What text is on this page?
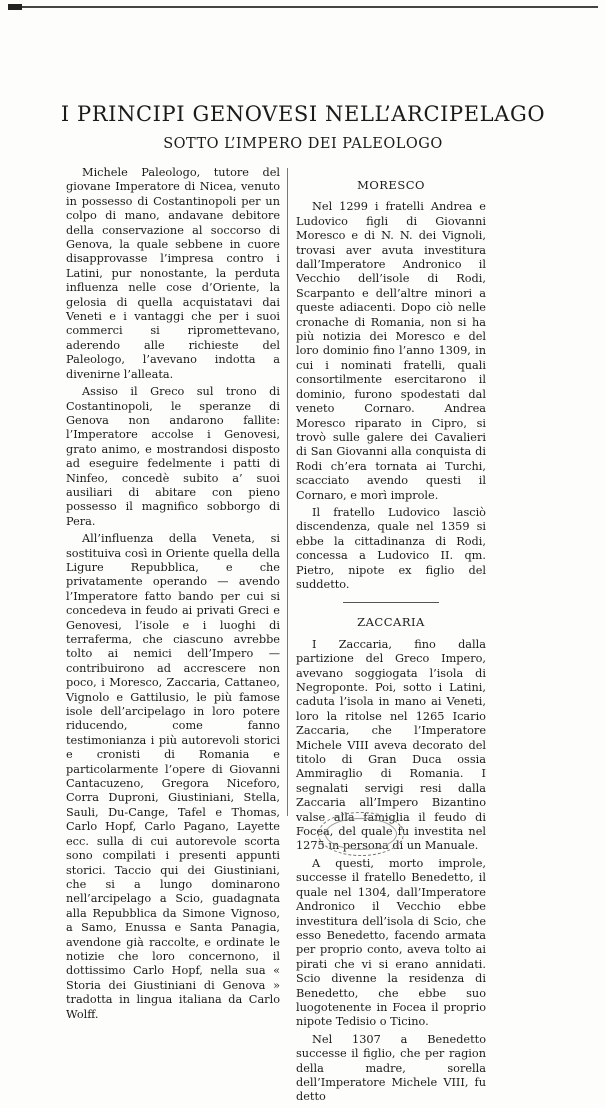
I PRINCIPI GENOVESI NELL’ARCIPELAGO
SOTTO L’IMPERO DEI PALEOLOGO

Michele Paleologo, tutore del giovane Imperatore di Nicea, venuto in possesso di Costantinopoli per un colpo di mano, andavane debitore della conservazione al soccorso di Genova, la quale sebbene in cuore disapprovasse l’impresa contro i Latini, pur nonostante, la perduta influenza nelle cose d’Oriente, la gelosia di quella acquistatavi dai Veneti e i vantaggi che per i suoi commerci si ripromettevano, aderendo alle richieste del Paleologo, l’avevano indotta a divenirne l’alleata.

Assiso il Greco sul trono di Costantinopoli, le speranze di Genova non andarono fallite: l’Imperatore accolse i Genovesi, grato animo, e mostrandosi disposto ad eseguire fedelmente i patti di Ninfeo, concedè subito a’ suoi ausiliari di abitare con pieno possesso il magnifico sobborgo di Pera.

All’influenza della Veneta, si sostituiva così in Oriente quella della Ligure Repubblica, e che privatamente operando — avendo l’Imperatore fatto bando per cui si concedeva in feudo ai privati Greci e Genovesi, l’isole e i luoghi di terraferma, che ciascuno avrebbe tolto ai nemici dell’Impero — contribuirono ad accrescere non poco, i Moresco, Zaccaria, Cattaneo, Vignolo e Gattilusio, le più famose isole dell’arcipelago in loro potere riducendo, come fanno testimonianza i più autorevoli storici e cronisti di Romania e particolarmente l’opere di Giovanni Cantacuzeno, Gregora Niceforo, Corra Duproni, Giustiniani, Stella, Sauli, Du-Cange, Tafel e Thomas, Carlo Hopf, Carlo Pagano, Layette ecc. sulla di cui autorevole scorta sono compilati i presenti appunti storici. Taccio qui dei Giustiniani, che si a lungo dominarono nell’arcipelago a Scio, guadagnata alla Repubblica da Simone Vignoso, a Samo, Enussa e Santa Panagia, avendone già raccolte, e ordinate le notizie che loro concernono, il dottissimo Carlo Hopf, nella sua « Storia dei Giustiniani di Genova » tradotta in lingua italiana da Carlo Wolff.

MORESCO

Nel 1299 i fratelli Andrea e Ludovico figli di Giovanni Moresco e di N. N. dei Vignoli, trovasi aver avuta investitura dall’Imperatore Andronico il Vecchio dell’isole di Rodi, Scarpanto e dell’altre minori a queste adiacenti. Dopo ciò nelle cronache di Romania, non si ha più notizia dei Moresco e del loro dominio fino l’anno 1309, in cui i nominati fratelli, quali consortilmente esercitarono il dominio, furono spodestati dal veneto Cornaro. Andrea Moresco riparato in Cipro, si trovò sulle galere dei Cavalieri di San Giovanni alla conquista di Rodi ch’era tornata ai Turchi, scacciato avendo questi il Cornaro, e morì improle.

Il fratello Ludovico lasciò discendenza, quale nel 1359 si ebbe la cittadinanza di Rodi, concessa a Ludovico II. qm. Pietro, nipote ex figlio del suddetto.

ZACCARIA

I Zaccaria, fino dalla partizione del Greco Impero, avevano soggiogata l’isola di Negroponte. Poi, sotto i Latini, caduta l’isola in mano ai Veneti, loro la ritolse nel 1265 Icario Zaccaria, che l’Imperatore Michele VIII aveva decorato del titolo di Gran Duca ossia Ammiraglio di Romania. I segnalati servigi resi dalla Zaccaria all’Impero Bizantino valse alla famiglia il feudo di Focea, del quale fu investita nel 1275 in persona di un Manuale.

A questi, morto improle, successe il fratello Benedetto, il quale nel 1304, dall’Imperatore Andronico il Vecchio ebbe investitura dell’isola di Scio, che esso Benedetto, facendo armata per proprio conto, aveva tolto ai pirati che vi si erano annidati. Scio divenne la residenza di Benedetto, che ebbe suo luogotenente in Focea il proprio nipote Tedisio o Ticino.

Nel 1307 a Benedetto successe il figlio, che per ragion della madre, sorella dell’Imperatore Michele VIII, fu detto
